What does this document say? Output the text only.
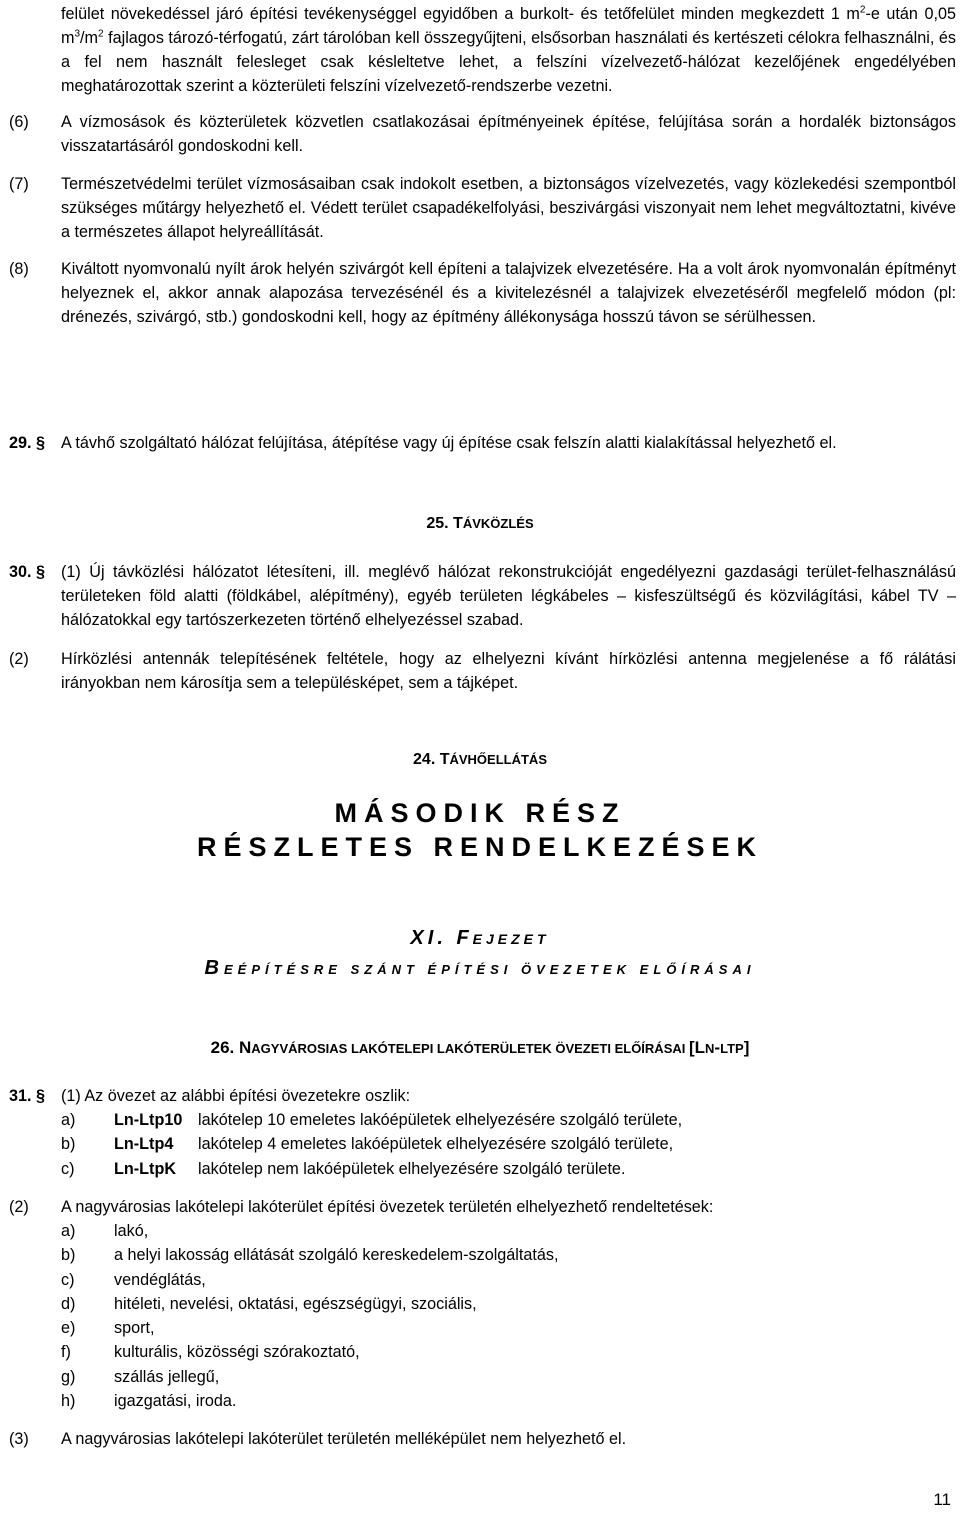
felület növekedéssel járó építési tevékenységgel egyidőben a burkolt- és tetőfelület minden megkezdett 1 $m^2-e$ után 0,05 $m^3/m^2$ fajlagos tározó-térfogatú, zárt tárolóban kell összegyűjteni, elsősorban használati és kertészeti célokra felhasználni, és a fel nem használt felesleget csak késleltetve lehet, a felszíni vízelvezető-hálózat kezelőjének engedélyében meghatározottak szerint a közterületi felszíni vízelvezető-rendszerbe vezetni.

(6)	A vízmosások és közterületek közvetlen csatlakozásai építményeinek építése, felújítása során a hordalék biztonságos visszatartásáról gondoskodni kell.
(7)	Természetvédelmi terület vízmosásaiban csak indokolt esetben, a biztonságos vízelvezetés, vagy közlekedési szempontból szükséges műtárgy helyezhető el. Védett terület csapadékelfolyási, beszivárgási viszonyait nem lehet megváltoztatni, kivéve a természetes állapot helyreállítását.
(8)	Kiváltott nyomvonalú nyílt árok helyén szivárgót kell építeni a talajvizek elvezetésére. Ha a volt árok nyomvonalán építményt helyeznek el, akkor annak alapozása tervezésénél és a kivitelezésnél a talajvizek elvezetéséről megfelelő módon (pl: drénezés, szivárgó, stb.) gondoskodni kell, hogy az építmény állékonysága hosszú távon se sérülhessen.

24. TÁVHŐELLÁTÁS

29. § A távhő szolgáltató hálózat felújítása, átépítése vagy új építése csak felszín alatti kialakítással helyezhető el.

25. TÁVKÖZLÉS

30. § (1) Új távközlési hálózatot létesíteni, ill. meglévő hálózat rekonstrukcióját engedélyezni gazdasági terület-felhasználású területeken föld alatti (földkábel, alépítmény), egyéb területen légkábeles – kisfeszültségű és közvilágítási, kábel TV – hálózatokkal egy tartószerkezeten történő elhelyezéssel szabad.
(2)	Hírközlési antennák telepítésének feltétele, hogy az elhelyezni kívánt hírközlési antenna megjelenése a fő rálátási irányokban nem károsítja sem a településképet, sem a tájképet.

MÁSODIK RÉSZ

RÉSZLETES RENDELKEZÉSEK

XI. FEJEZET

BEÉPÍTÉSRE SZÁNT ÉPÍTÉSI ÖVEZETEK ELŐÍRÁSAI

26. NAGYVÁROSIAS LAKÓTELEPI LAKÓTERÜLETEK ÖVEZETI ELŐÍRÁSAI [LN-LTP]

31. § (1) Az övezet az alábbi építési övezetekre oszlik:
a)	Ln-Ltp10 lakótelep 10 emeletes lakóépületek elhelyezésére szolgáló területe,
b)	Ln-Ltp4	lakótelep 4 emeletes lakóépületek elhelyezésére szolgáló területe,
c)	Ln-LtpK	lakótelep nem lakóépületek elhelyezésére szolgáló területe.
(2)	A nagyvárosias lakótelepi lakóterület építési övezetek területén elhelyezhető rendeltetések:
a)	lakó,
b)	a helyi lakosság ellátását szolgáló kereskedelem-szolgáltatás,
c)	vendéglátás,
d)	hitéleti, nevelési, oktatási, egészségügyi, szociális,
e)	sport,
f)	kulturális, közösségi szórakoztató,
g)	szállás jellegű,
h)	igazgatási, iroda.
(3)	A nagyvárosias lakótelepi lakóterület területén melléképület nem helyezhető el.
11
